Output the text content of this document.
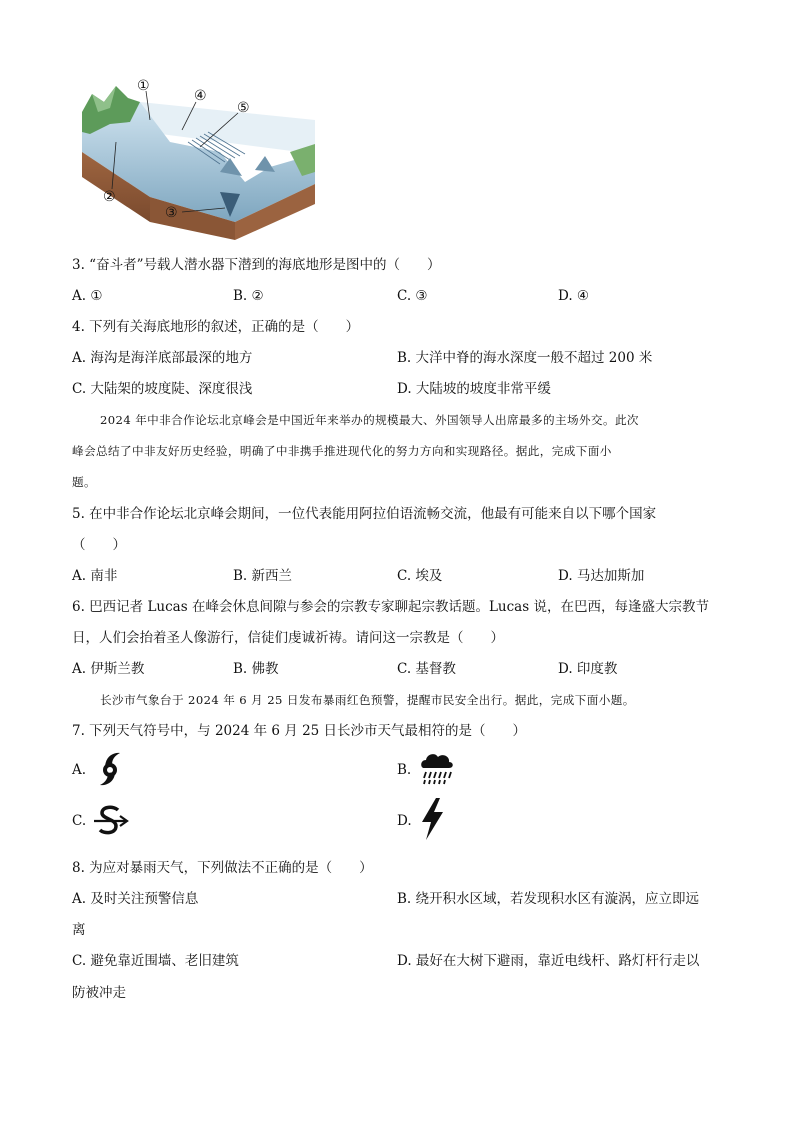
①
②
③
④
⑤
3. “奋斗者”号载人潜水器下潜到的海底地形是图中的（　　）
A. ①	B. ②	C. ③	D. ④
4. 下列有关海底地形的叙述，正确的是（　　）
A. 海沟是海洋底部最深的地方	B. 大洋中脊的海水深度一般不超过 200 米
C. 大陆架的坡度陡、深度很浅	D. 大陆坡的坡度非常平缓
2024 年中非合作论坛北京峰会是中国近年来举办的规模最大、外国领导人出席最多的主场外交。此次
峰会总结了中非友好历史经验，明确了中非携手推进现代化的努力方向和实现路径。据此，完成下面小
题。
5. 在中非合作论坛北京峰会期间，一位代表能用阿拉伯语流畅交流，他最有可能来自以下哪个国家
（　　）
A. 南非	B. 新西兰	C. 埃及	D. 马达加斯加
6. 巴西记者 Lucas 在峰会休息间隙与参会的宗教专家聊起宗教话题。Lucas 说，在巴西，每逢盛大宗教节
日，人们会抬着圣人像游行，信徒们虔诚祈祷。请问这一宗教是（　　）
A. 伊斯兰教	B. 佛教	C. 基督教	D. 印度教
长沙市气象台于 2024 年 6 月 25 日发布暴雨红色预警，提醒市民安全出行。据此，完成下面小题。
7. 下列天气符号中，与 2024 年 6 月 25 日长沙市天气最相符的是（　　）
A.	B.
C.	D.
8. 为应对暴雨天气，下列做法不正确的是（　　）
A. 及时关注预警信息	B. 绕开积水区域，若发现积水区有漩涡，应立即远
离
C. 避免靠近围墙、老旧建筑	D. 最好在大树下避雨，靠近电线杆、路灯杆行走以
防被冲走
